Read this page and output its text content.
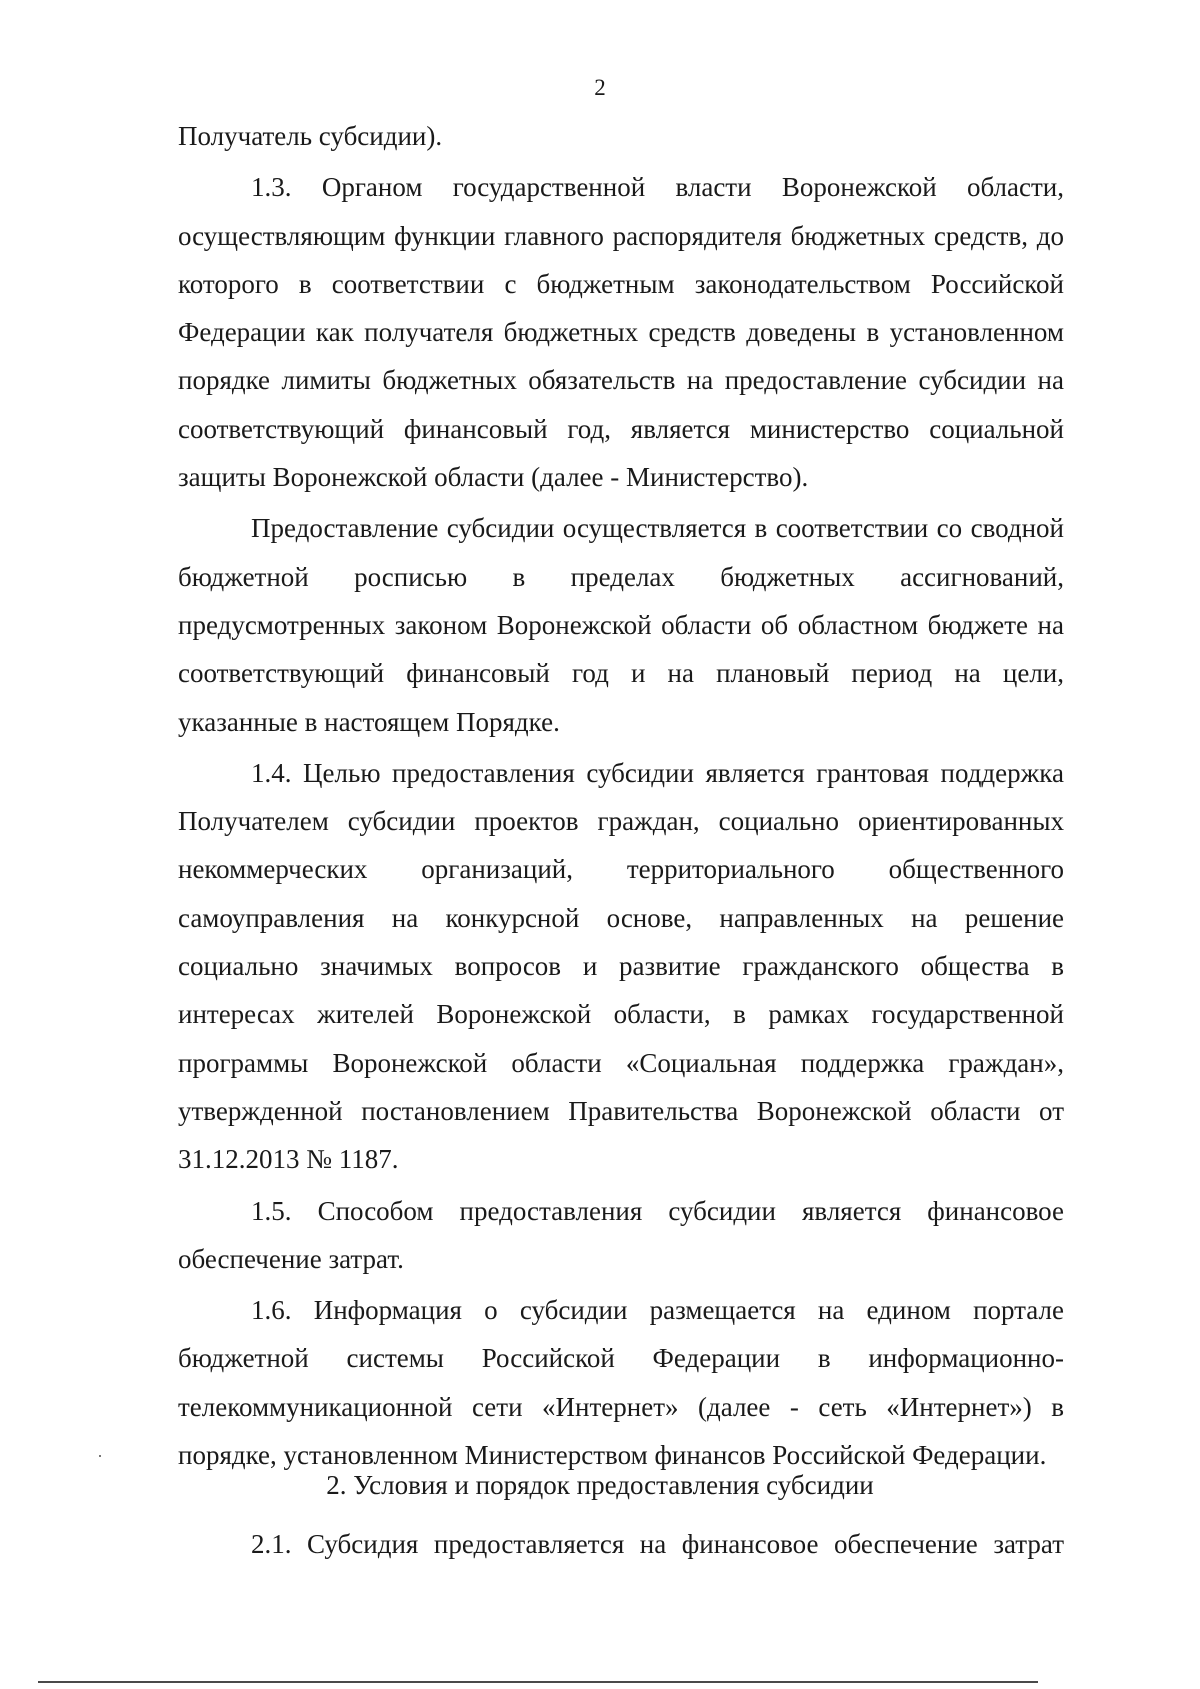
2

Получатель субсидии).

1.3. Органом государственной власти Воронежской области, осуществляющим функции главного распорядителя бюджетных средств, до которого в соответствии с бюджетным законодательством Российской Федерации как получателя бюджетных средств доведены в установленном порядке лимиты бюджетных обязательств на предоставление субсидии на соответствующий финансовый год, является министерство социальной защиты Воронежской области (далее - Министерство).

Предоставление субсидии осуществляется в соответствии со сводной бюджетной росписью в пределах бюджетных ассигнований, предусмотренных законом Воронежской области об областном бюджете на соответствующий финансовый год и на плановый период на цели, указанные в настоящем Порядке.

1.4. Целью предоставления субсидии является грантовая поддержка Получателем субсидии проектов граждан, социально ориентированных некоммерческих организаций, территориального общественного самоуправления на конкурсной основе, направленных на решение социально значимых вопросов и развитие гражданского общества в интересах жителей Воронежской области, в рамках государственной программы Воронежской области «Социальная поддержка граждан», утвержденной постановлением Правительства Воронежской области от 31.12.2013 № 1187.

1.5. Способом предоставления субсидии является финансовое обеспечение затрат.

1.6. Информация о субсидии размещается на едином портале бюджетной системы Российской Федерации в информационно-телекоммуникационной сети «Интернет» (далее - сеть «Интернет») в порядке, установленном Министерством финансов Российской Федерации.

2. Условия и порядок предоставления субсидии

2.1. Субсидия предоставляется на финансовое обеспечение затрат
